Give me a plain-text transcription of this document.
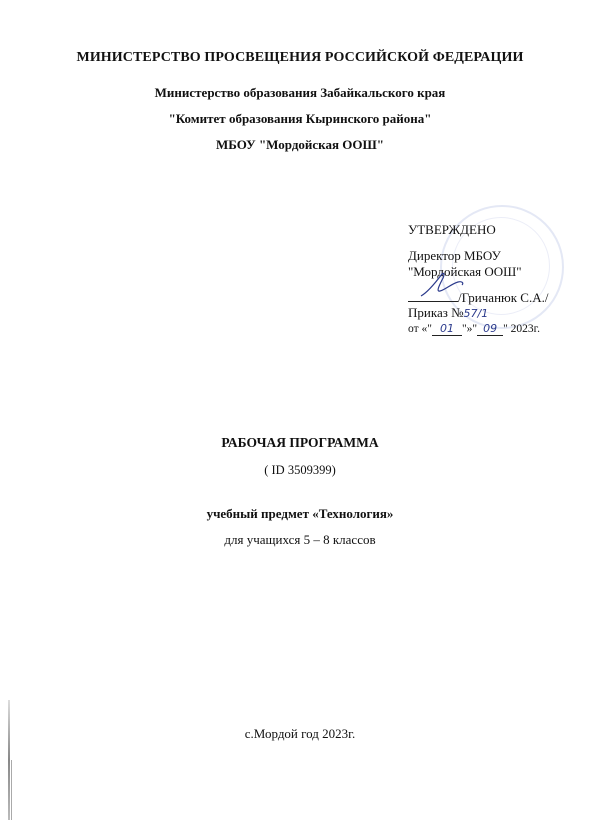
МИНИСТЕРСТВО ПРОСВЕЩЕНИЯ РОССИЙСКОЙ ФЕДЕРАЦИИ
Министерство образования Забайкальского края
"Комитет образования Кыринского района"
МБОУ "Мордойская ООШ"
УТВЕРЖДЕНО
Директор МБОУ
"Мордойская ООШ"
/Гричанюк С.А./
Приказ №57/1
от «" 01 "»" 09 " 2023г.
РАБОЧАЯ ПРОГРАММА
( ID 3509399)
учебный предмет «Технология»
для учащихся 5 – 8 классов
с.Мордой год 2023г.
